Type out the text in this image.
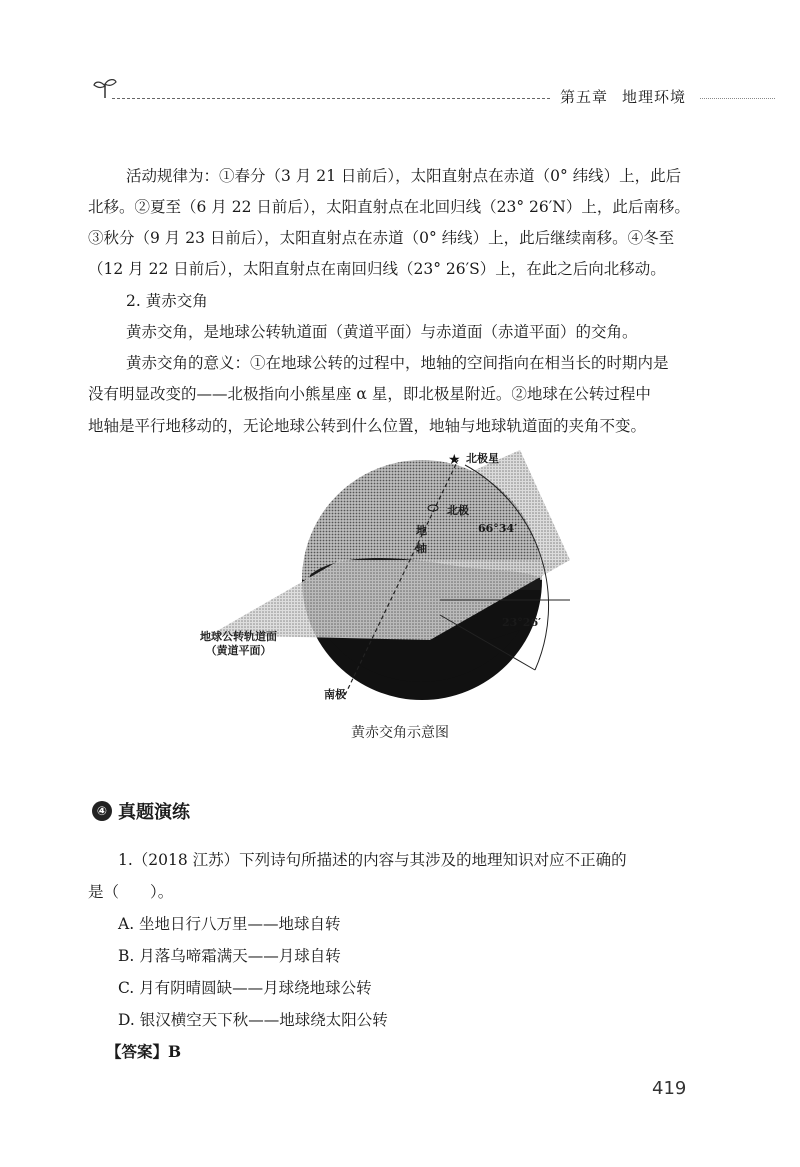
第五章 地理环境
活动规律为：①春分（3 月 21 日前后），太阳直射点在赤道（0° 纬线）上，此后
北移。②夏至（6 月 22 日前后），太阳直射点在北回归线（23° 26′N）上，此后南移。
③秋分（9 月 23 日前后），太阳直射点在赤道（0° 纬线）上，此后继续南移。④冬至
（12 月 22 日前后），太阳直射点在南回归线（23° 26′S）上，在此之后向北移动。
2. 黄赤交角
黄赤交角，是地球公转轨道面（黄道平面）与赤道面（赤道平面）的交角。
黄赤交角的意义：①在地球公转的过程中，地轴的空间指向在相当长的时期内是
没有明显改变的——北极指向小熊星座 α 星，即北极星附近。②地球在公转过程中
地轴是平行地移动的，无论地球公转到什么位置，地轴与地球轨道面的夹角不变。
★ 北极星
北极
66°34′
地轴
23°26′
地球公转轨道面
（黄道平面）
南极
黄赤交角示意图
④ 真题演练
1.（2018 江苏）下列诗句所描述的内容与其涉及的地理知识对应不正确的
是（　　）。
A. 坐地日行八万里——地球自转
B. 月落乌啼霜满天——月球自转
C. 月有阴晴圆缺——月球绕地球公转
D. 银汉横空天下秋——地球绕太阳公转
【答案】B
419
